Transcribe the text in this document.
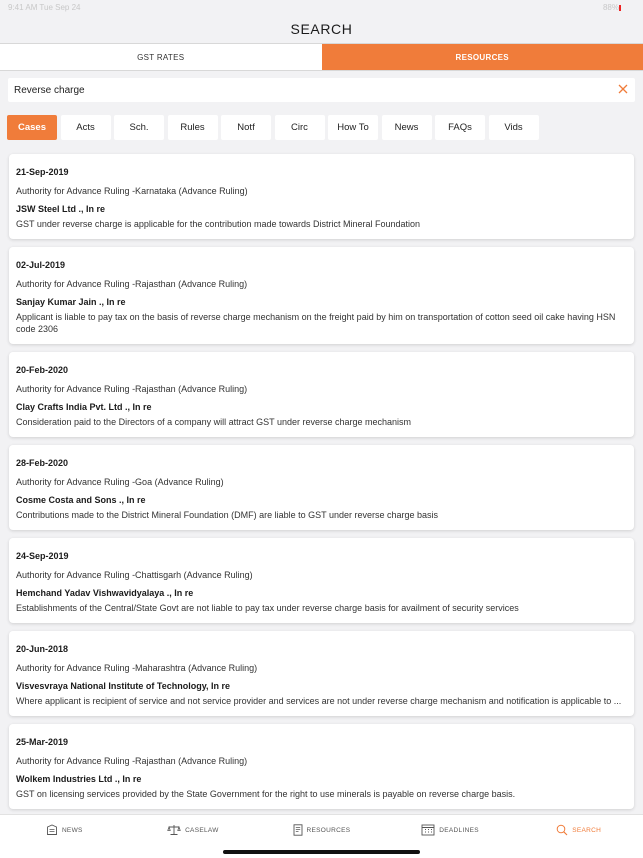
9:41 AM Tue Sep 24	88%
SEARCH
GST RATES	RESOURCES
Reverse charge
Cases	Acts	Sch.	Rules	Notf	Circ	How To	News	FAQs	Vids
21-Sep-2019
Authority for Advance Ruling -Karnataka (Advance Ruling)
JSW Steel Ltd ., In re
GST under reverse charge is applicable for the contribution made towards District Mineral Foundation
02-Jul-2019
Authority for Advance Ruling -Rajasthan (Advance Ruling)
Sanjay Kumar Jain ., In re
Applicant is liable to pay tax on the basis of reverse charge mechanism on the freight paid by him on transportation of cotton seed oil cake having HSN code 2306
20-Feb-2020
Authority for Advance Ruling -Rajasthan (Advance Ruling)
Clay Crafts India Pvt. Ltd ., In re
Consideration paid to the Directors of a company will attract GST under reverse charge mechanism
28-Feb-2020
Authority for Advance Ruling -Goa (Advance Ruling)
Cosme Costa and Sons ., In re
Contributions made to the District Mineral Foundation (DMF) are liable to GST under reverse charge basis
24-Sep-2019
Authority for Advance Ruling -Chattisgarh (Advance Ruling)
Hemchand Yadav Vishwavidyalaya ., In re
Establishments of the Central/State Govt are not liable to pay tax under reverse charge basis for availment of security services
20-Jun-2018
Authority for Advance Ruling -Maharashtra (Advance Ruling)
Visvesvraya National Institute of Technology, In re
Where applicant is recipient of service and not service provider and services are not under reverse charge mechanism and notification is applicable to ...
25-Mar-2019
Authority for Advance Ruling -Rajasthan (Advance Ruling)
Wolkem Industries Ltd ., In re
GST on licensing services provided by the State Government for the right to use minerals is payable on reverse charge basis.
NEWS	CASELAW	RESOURCES	DEADLINES	SEARCH
